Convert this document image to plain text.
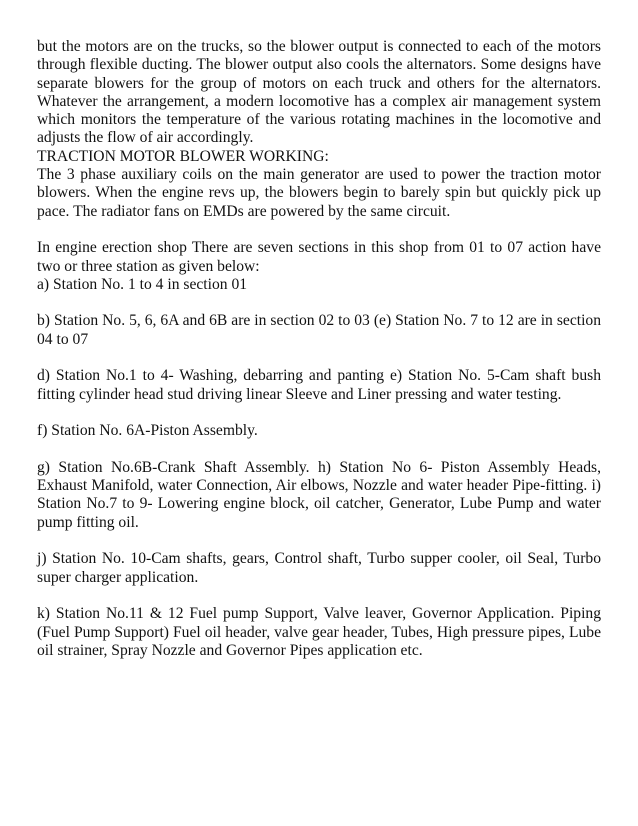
but the motors are on the trucks, so the blower output is connected to each of the motors through flexible ducting. The blower output also cools the alternators. Some designs have separate blowers for the group of motors on each truck and others for the alternators. Whatever the arrangement, a modern locomotive has a complex air management system which monitors the temperature of the various rotating machines in the locomotive and adjusts the flow of air accordingly.

TRACTION MOTOR BLOWER WORKING:

The 3 phase auxiliary coils on the main generator are used to power the traction motor blowers. When the engine revs up, the blowers begin to barely spin but quickly pick up pace. The radiator fans on EMDs are powered by the same circuit.

In engine erection shop There are seven sections in this shop from 01 to 07 action have two or three station as given below:

a) Station No. 1 to 4 in section 01

b) Station No. 5, 6, 6A and 6B are in section 02 to 03 (e) Station No. 7 to 12 are in section 04 to 07

d) Station No.1 to 4- Washing, debarring and panting e) Station No. 5-Cam shaft bush fitting cylinder head stud driving linear Sleeve and Liner pressing and water testing.

f) Station No. 6A-Piston Assembly.

g) Station No.6B-Crank Shaft Assembly. h) Station No 6- Piston Assembly Heads, Exhaust Manifold, water Connection, Air elbows, Nozzle and water header Pipe-fitting. i) Station No.7 to 9- Lowering engine block, oil catcher, Generator, Lube Pump and water pump fitting oil.

j) Station No. 10-Cam shafts, gears, Control shaft, Turbo supper cooler, oil Seal, Turbo super charger application.

k) Station No.11 & 12 Fuel pump Support, Valve leaver, Governor Application. Piping (Fuel Pump Support) Fuel oil header, valve gear header, Tubes, High pressure pipes, Lube oil strainer, Spray Nozzle and Governor Pipes application etc.
